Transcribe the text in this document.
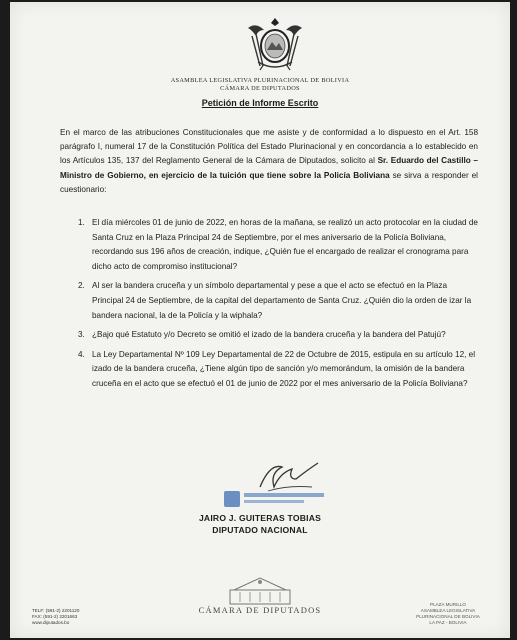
ASAMBLEA LEGISLATIVA PLURINACIONAL DE BOLIVIA
CÁMARA DE DIPUTADOS
Petición de Informe Escrito

En el marco de las atribuciones Constitucionales que me asiste y de conformidad a lo dispuesto en el Art. 158 parágrafo I, numeral 17 de la Constitución Política del Estado Plurinacional y en concordancia a lo establecido en los Artículos 135, 137 del Reglamento General de la Cámara de Diputados, solicito al Sr. Eduardo del Castillo – Ministro de Gobierno, en ejercicio de la tuición que tiene sobre la Policía Boliviana se sirva a responder el cuestionario:

1. El día miércoles 01 de junio de 2022, en horas de la mañana, se realizó un acto protocolar en la ciudad de Santa Cruz en la Plaza Principal 24 de Septiembre, por el mes aniversario de la Policía Boliviana, recordando sus 196 años de creación, indique, ¿Quién fue el encargado de realizar el cronograma para dicho acto de compromiso institucional?
2. Al ser la bandera cruceña y un símbolo departamental y pese a que el acto se efectuó en la Plaza Principal 24 de Septiembre, de la capital del departamento de Santa Cruz. ¿Quién dio la orden de izar la bandera nacional, la de la Policía y la wiphala?
3. ¿Bajo qué Estatuto y/o Decreto se omitió el izado de la bandera cruceña y la bandera del Patujú?
4. La Ley Departamental Nº 109 Ley Departamental de 22 de Octubre de 2015, estipula en su artículo 12, el izado de la bandera cruceña, ¿Tiene algún tipo de sanción y/o memorándum, la omisión de la bandera cruceña en el acto que se efectuó el 01 de junio de 2022 por el mes aniversario de la Policía Boliviana?
JAIRO J. GUITERAS TOBIAS
DIPUTADO NACIONAL
TELF: (591-2) 2201120
FAX: (591-2) 2201663
www.diputados.bo
CÁMARA DE DIPUTADOS
PLAZA MURILLO
ASAMBLEA LEGISLATIVA
PLURINACIONAL DE BOLIVIA
LA PAZ - BOLIVIA
